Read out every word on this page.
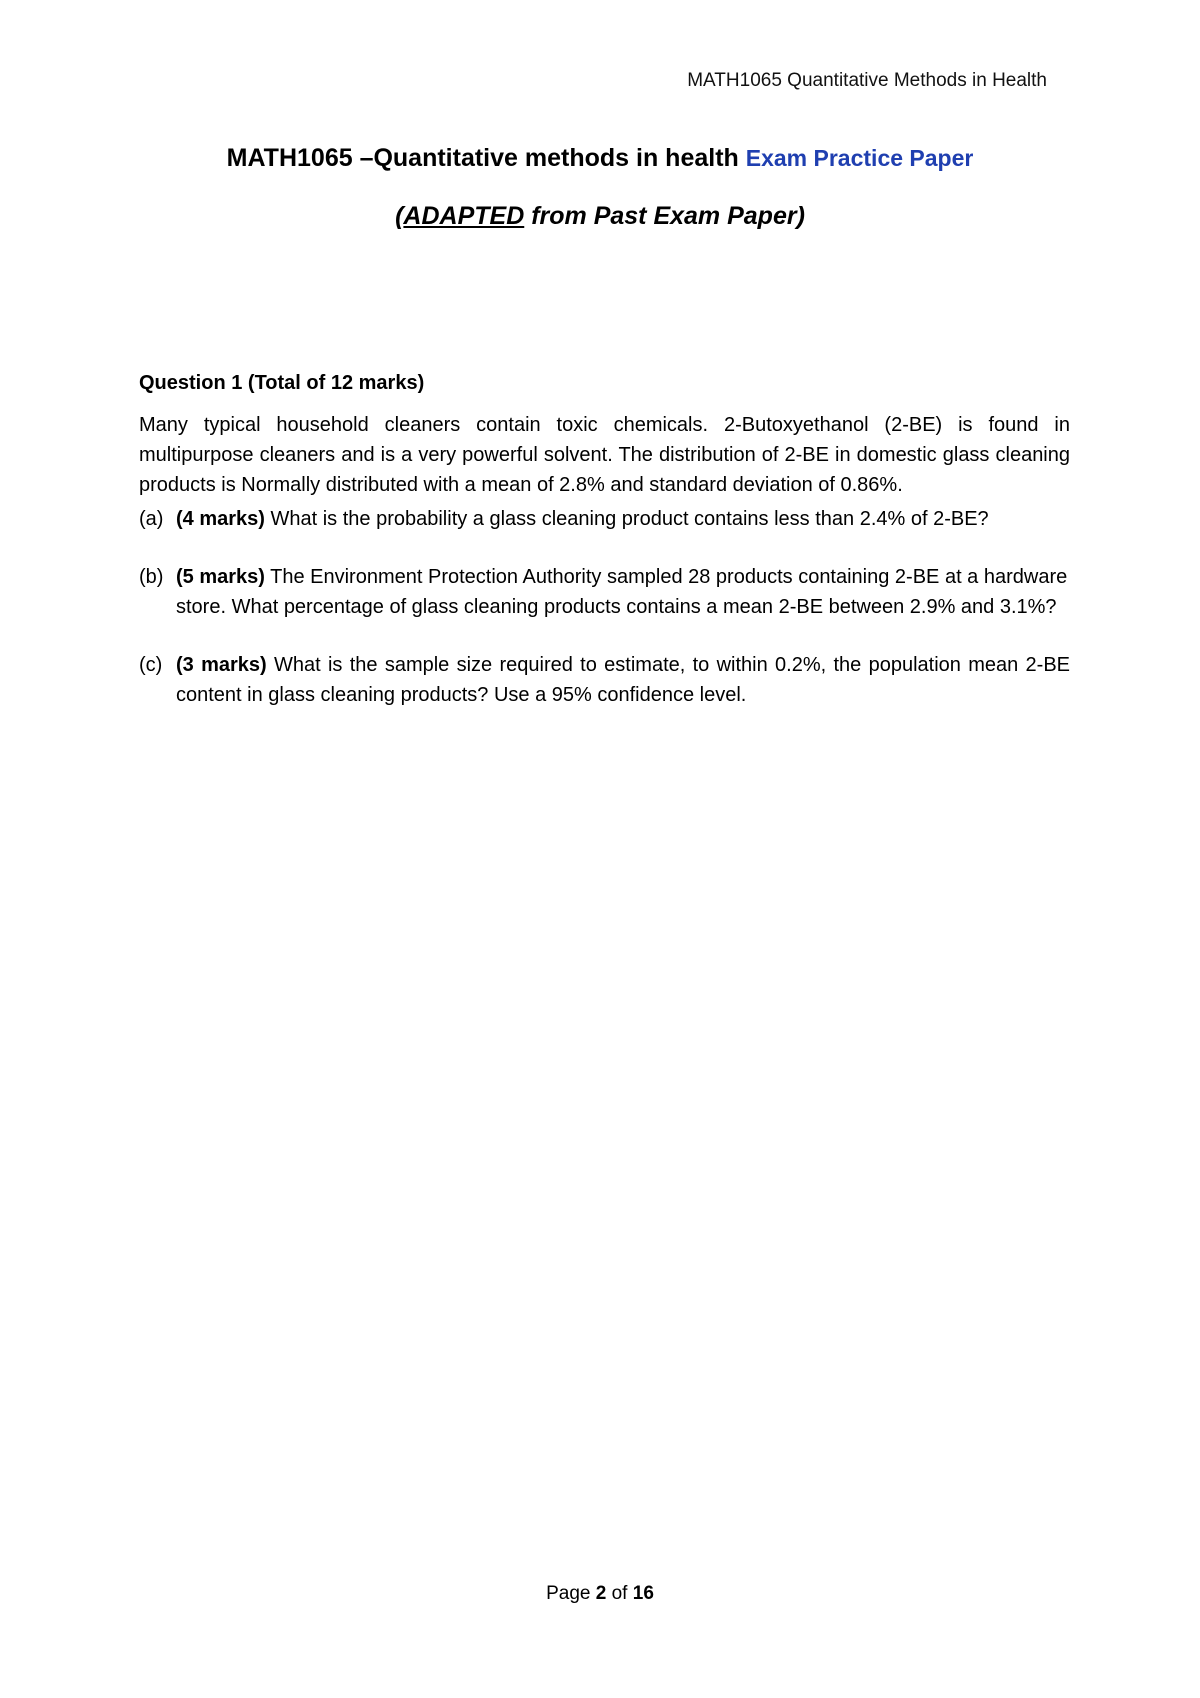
MATH1065 Quantitative Methods in Health
MATH1065 –Quantitative methods in health Exam Practice Paper
(ADAPTED from Past Exam Paper)
Question 1 (Total of 12 marks)
Many typical household cleaners contain toxic chemicals. 2-Butoxyethanol (2-BE) is found in multipurpose cleaners and is a very powerful solvent. The distribution of 2-BE in domestic glass cleaning products is Normally distributed with a mean of 2.8% and standard deviation of 0.86%.
(a) (4 marks) What is the probability a glass cleaning product contains less than 2.4% of 2-BE?
(b) (5 marks) The Environment Protection Authority sampled 28 products containing 2-BE at a hardware store. What percentage of glass cleaning products contains a mean 2-BE between 2.9% and 3.1%?
(c) (3 marks) What is the sample size required to estimate, to within 0.2%, the population mean 2-BE content in glass cleaning products? Use a 95% confidence level.
Page 2 of 16
